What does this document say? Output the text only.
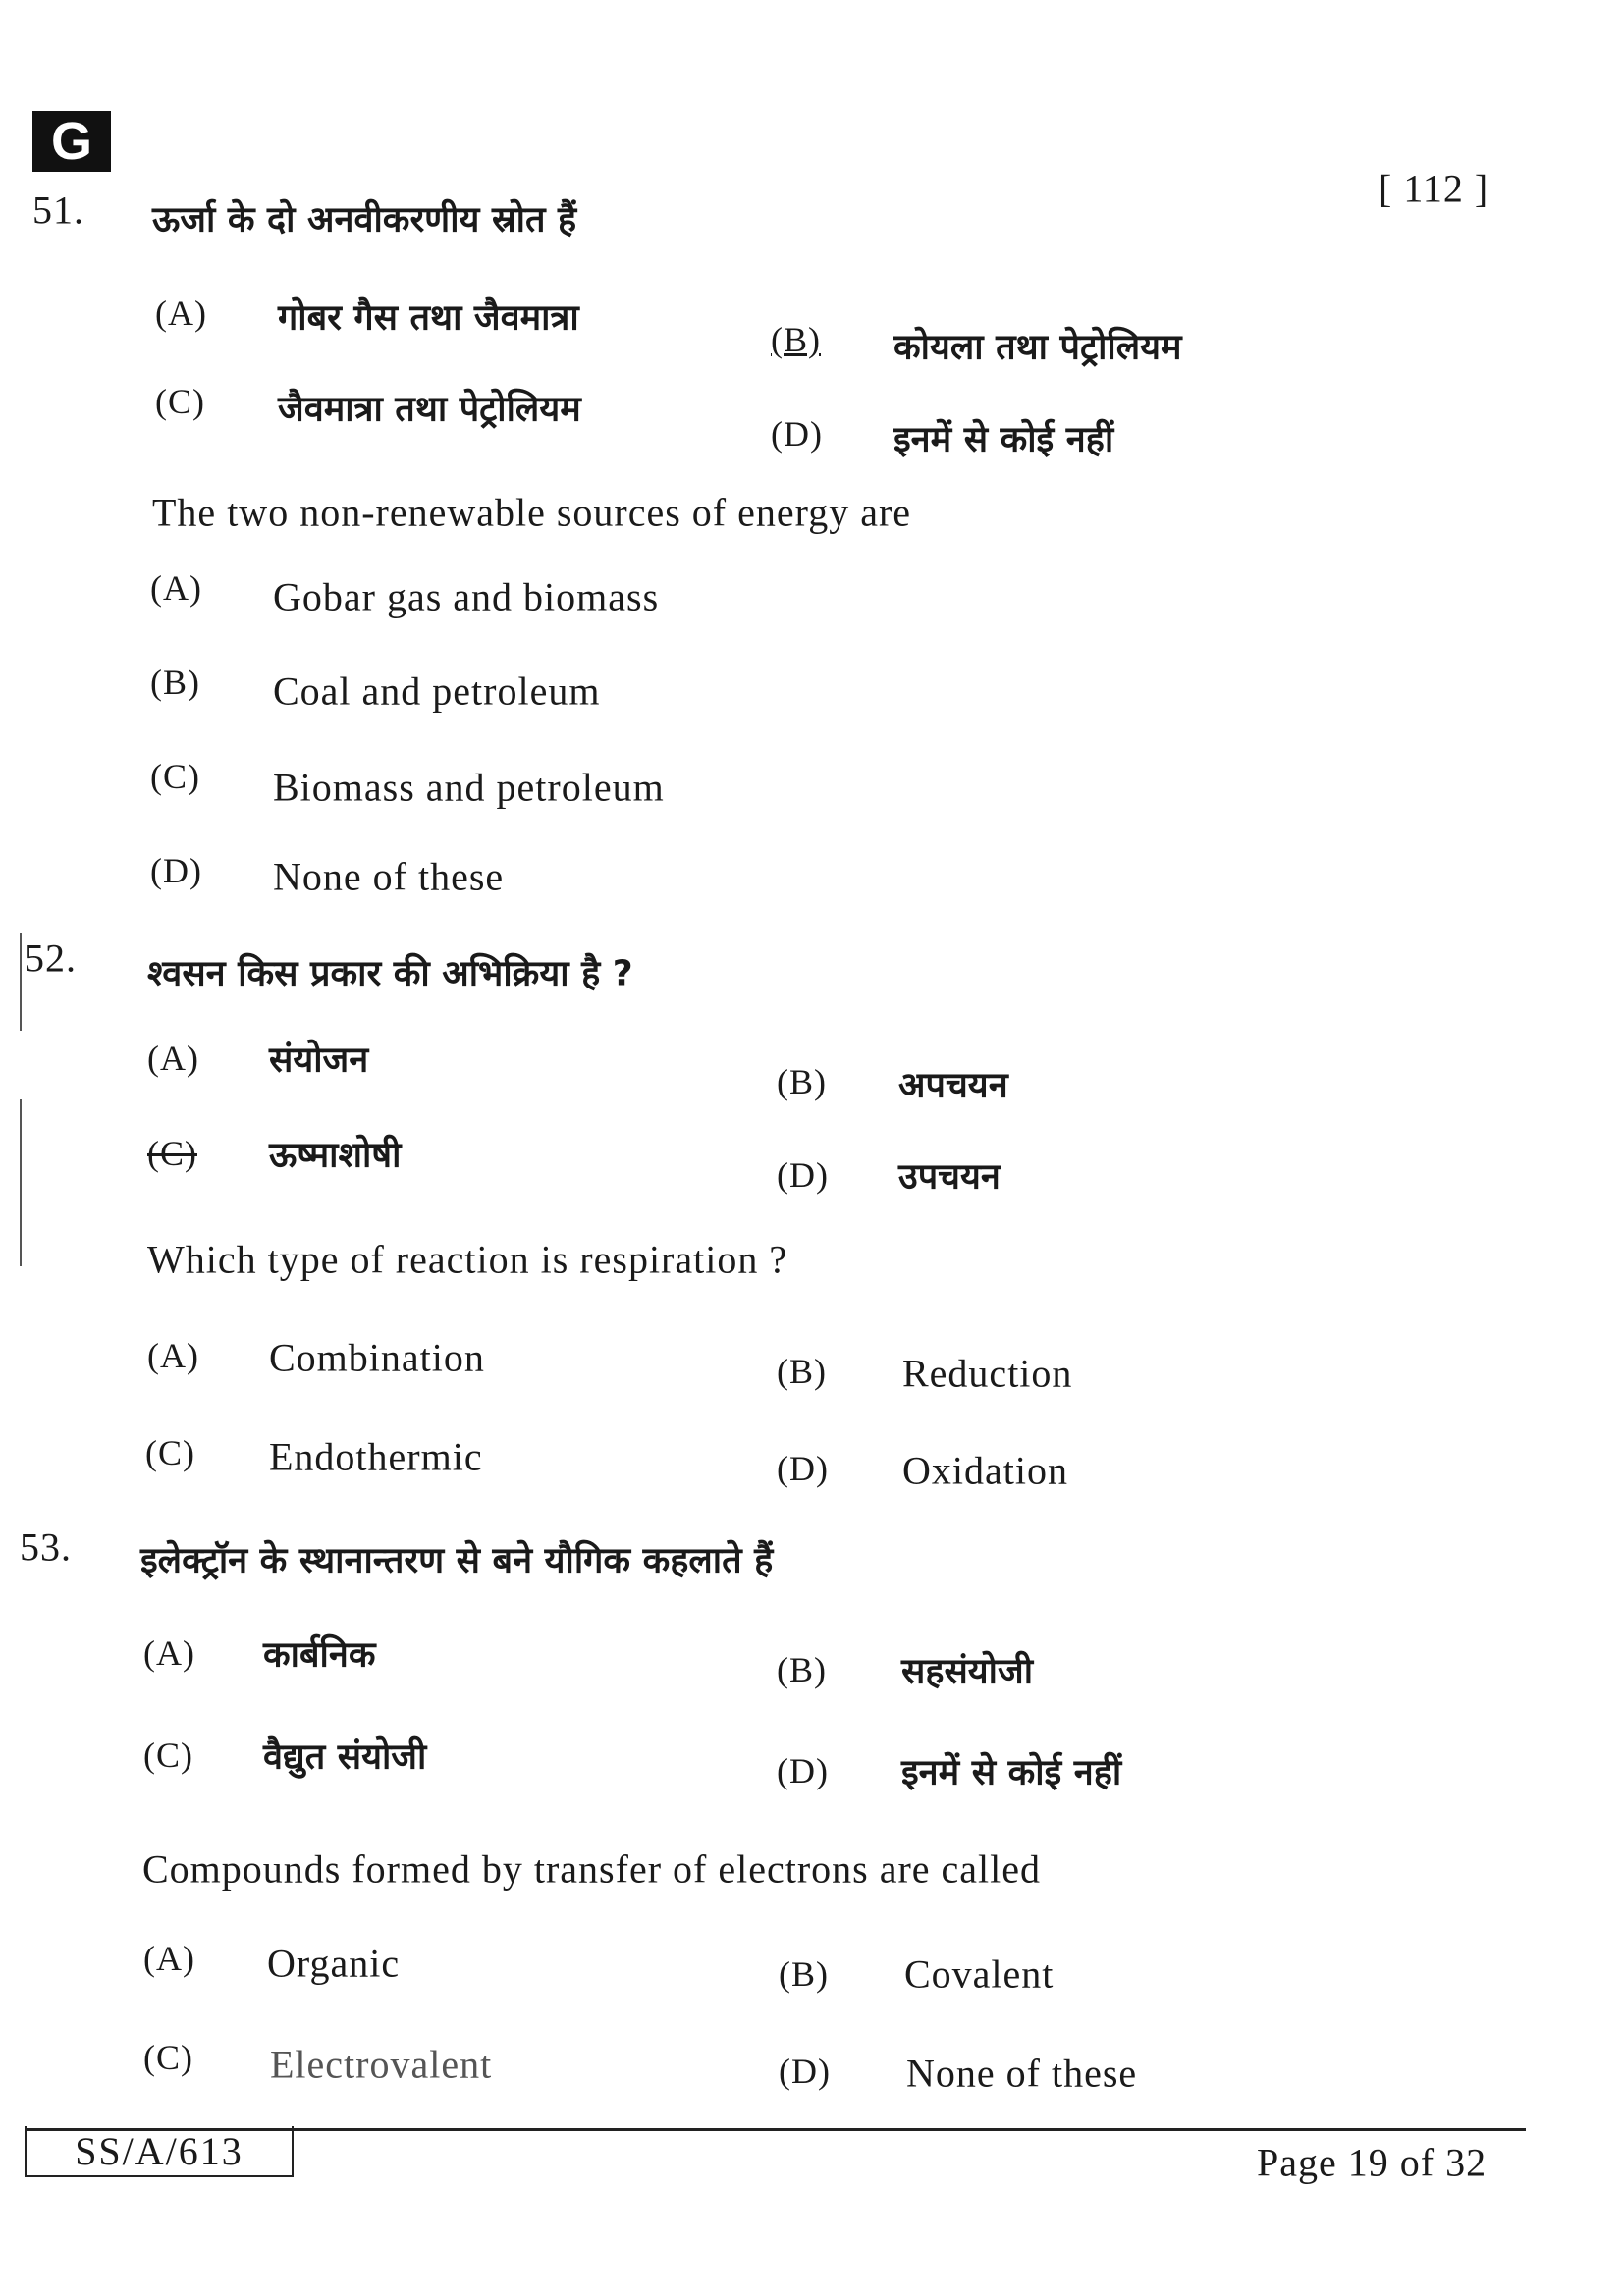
G
[ 112 ]
51. ऊर्जा के दो अनवीकरणीय स्रोत हैं
(A) गोबर गैस तथा जैवमात्रा
(B) कोयला तथा पेट्रोलियम
(C) जैवमात्रा तथा पेट्रोलियम
(D) इनमें से कोई नहीं
The two non-renewable sources of energy are
(A) Gobar gas and biomass
(B) Coal and petroleum
(C) Biomass and petroleum
(D) None of these
52. श्वसन किस प्रकार की अभिक्रिया है ?
(A) संयोजन
(B) अपचयन
(C) ऊष्माशोषी	(D) उपचयन
Which type of reaction is respiration ?
(A) Combination	(B) Reduction
(C) Endothermic	(D) Oxidation
53. इलेक्ट्रॉन के स्थानान्तरण से बने यौगिक कहलाते हैं
(A) कार्बनिक	(B) सहसंयोजी
(C) वैद्युत संयोजी	(D) इनमें से कोई नहीं
Compounds formed by transfer of electrons are called
(A) Organic	(B) Covalent
(C) Electrovalent	(D) None of these
SS/A/613	Page 19 of 32
